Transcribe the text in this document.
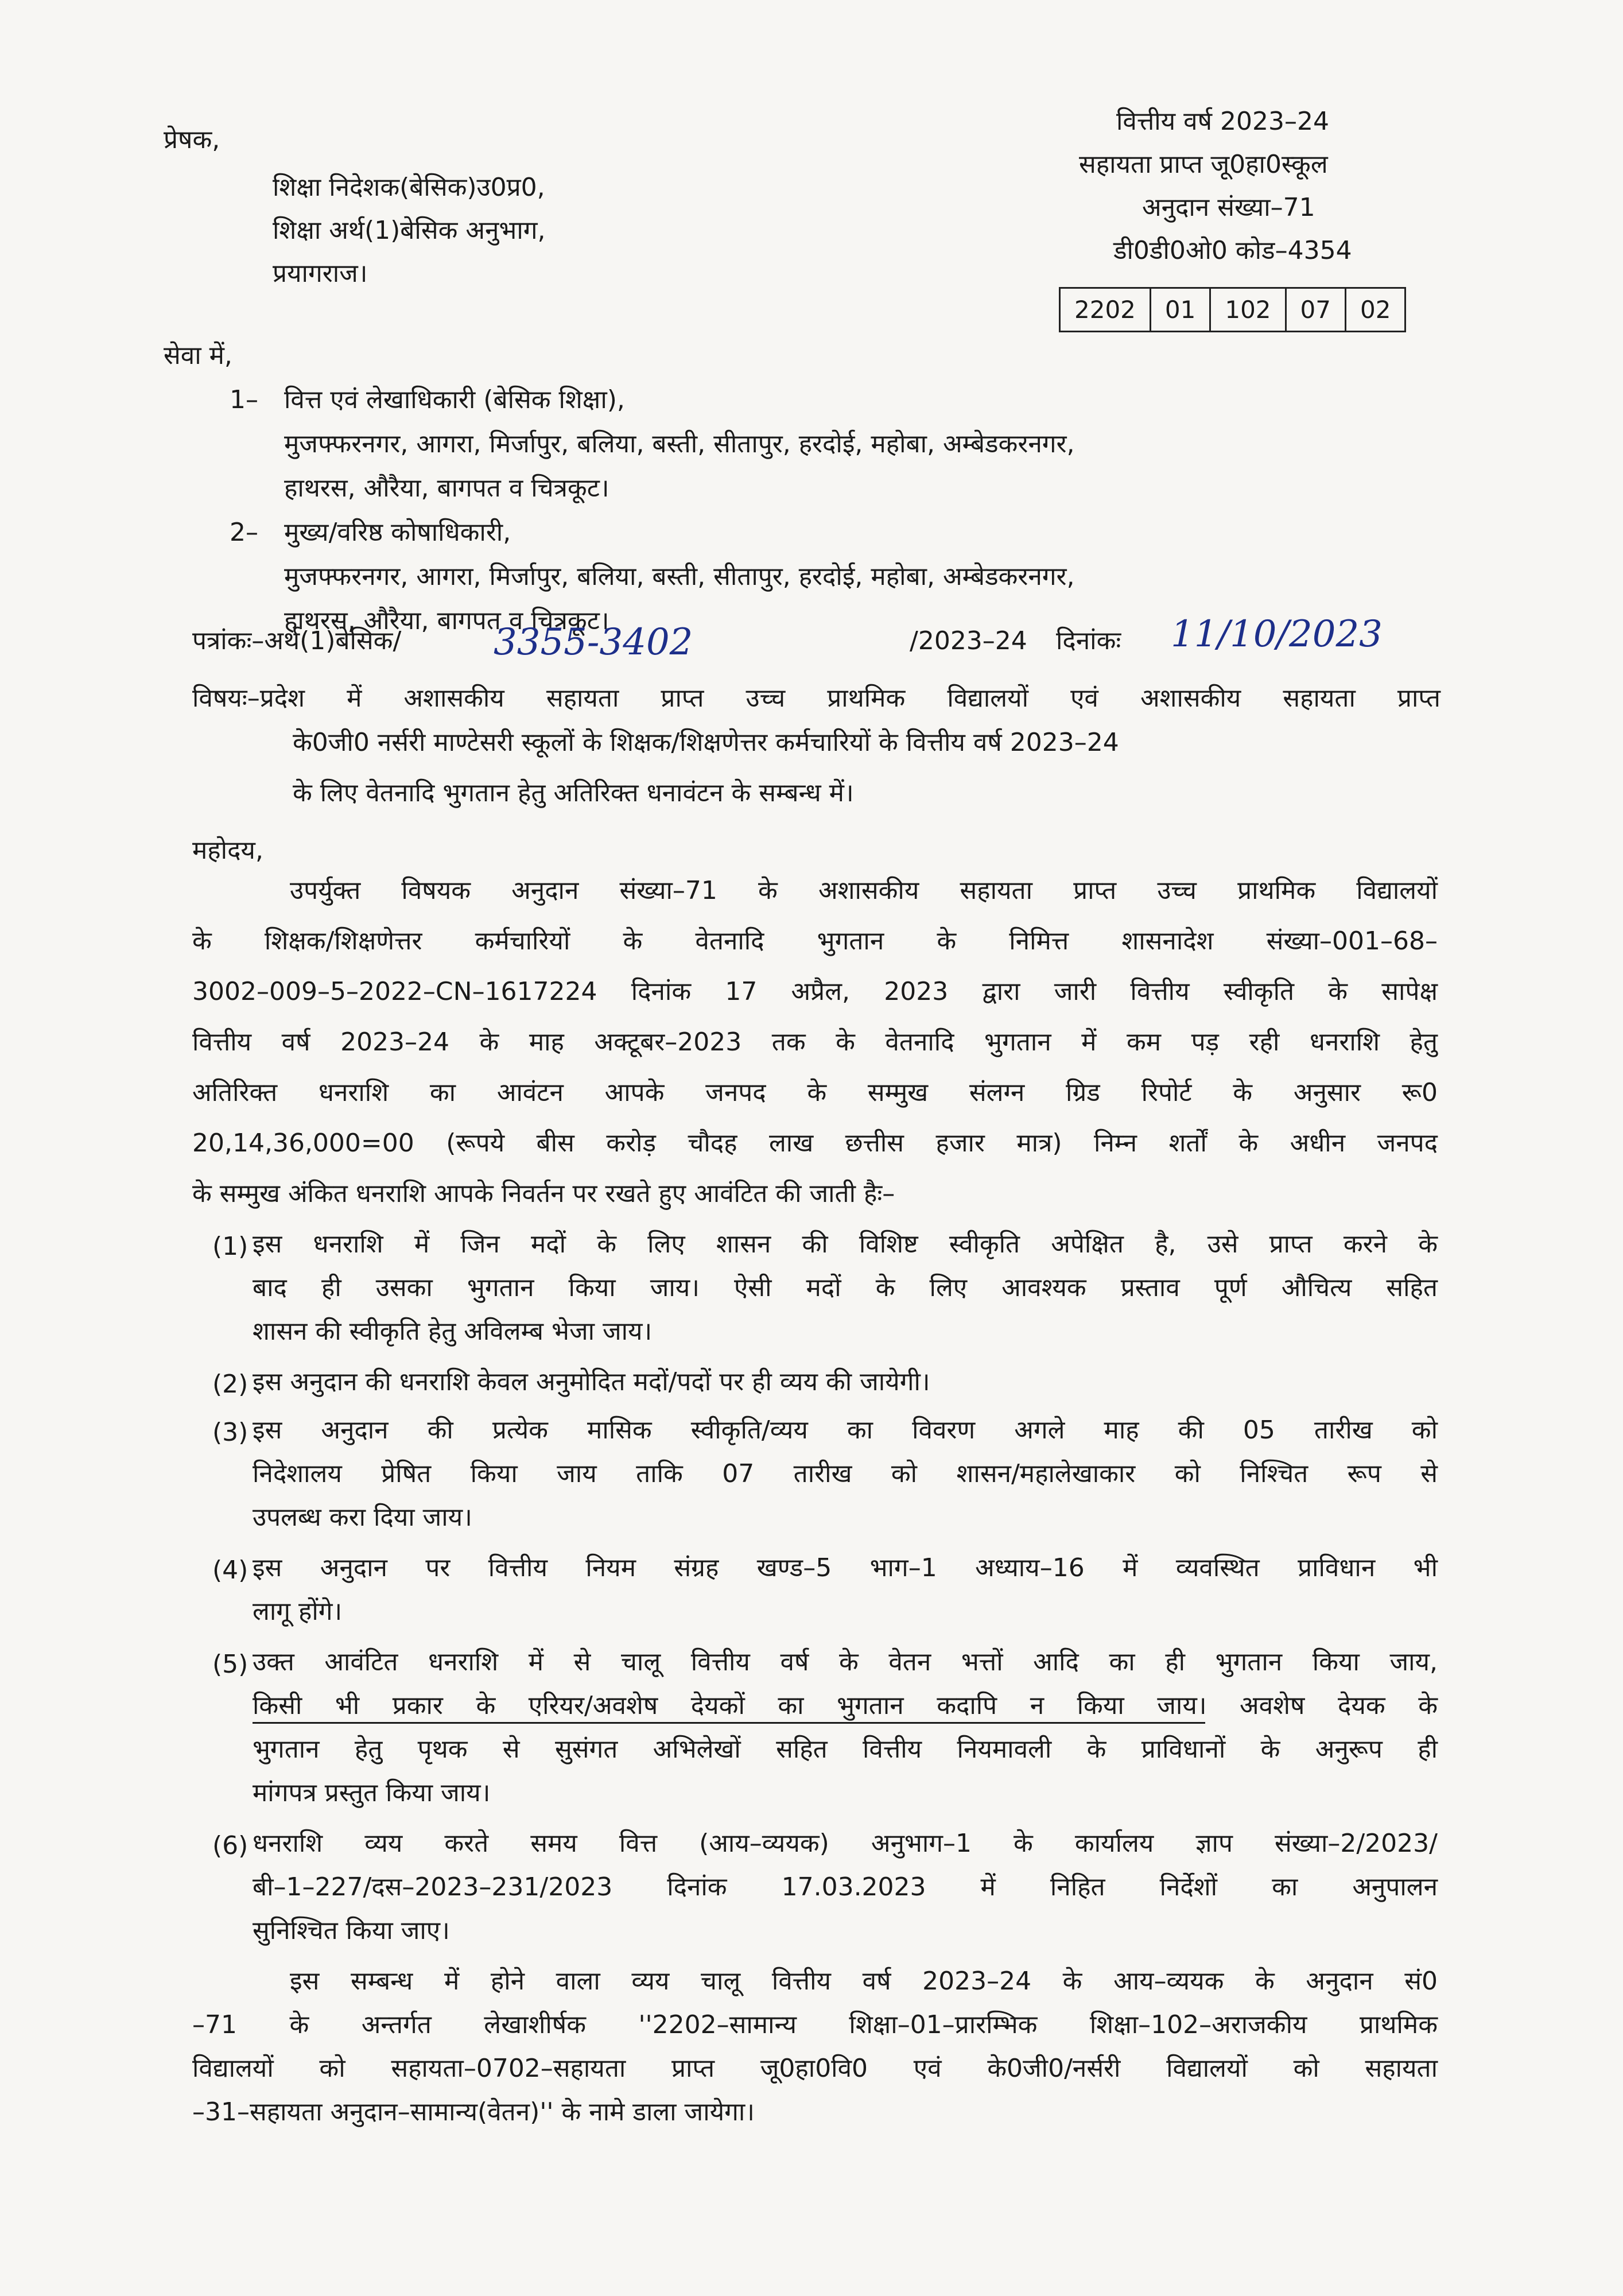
प्रेषक,
शिक्षा निदेशक(बेसिक)उ0प्र0,
शिक्षा अर्थ(1)बेसिक अनुभाग,
प्रयागराज।
वित्तीय वर्ष 2023–24
सहायता प्राप्त जू0हा0स्कूल
अनुदान संख्या–71
डी0डी0ओ0 कोड–4354
2202	01	102	07	02
सेवा में,
1– वित्त एवं लेखाधिकारी (बेसिक शिक्षा),
मुजफ्फरनगर, आगरा, मिर्जापुर, बलिया, बस्ती, सीतापुर, हरदोई, महोबा, अम्बेडकरनगर,
हाथरस, औरैया, बागपत व चित्रकूट।
2– मुख्य/वरिष्ठ कोषाधिकारी,
मुजफ्फरनगर, आगरा, मिर्जापुर, बलिया, बस्ती, सीतापुर, हरदोई, महोबा, अम्बेडकरनगर,
हाथरस, औरैया, बागपत व चित्रकूट।
पत्रांकः–अर्थ(1)बेसिक/	3355-3402	/2023–24 दिनांकः 11/10/2023
विषयः–प्रदेश में अशासकीय सहायता प्राप्त उच्च प्राथमिक विद्यालयों एवं अशासकीय सहायता प्राप्त
के0जी0 नर्सरी माण्टेसरी स्कूलों के शिक्षक/शिक्षणेत्तर कर्मचारियों के वित्तीय वर्ष 2023–24
के लिए वेतनादि भुगतान हेतु अतिरिक्त धनावंटन के सम्बन्ध में।
महोदय,
उपर्युक्त विषयक अनुदान संख्या–71 के अशासकीय सहायता प्राप्त उच्च प्राथमिक विद्यालयों
के शिक्षक/शिक्षणेत्तर कर्मचारियों के वेतनादि भुगतान के निमित्त शासनादेश संख्या–001–68–
3002–009–5–2022–CN–1617224 दिनांक 17 अप्रैल, 2023 द्वारा जारी वित्तीय स्वीकृति के सापेक्ष
वित्तीय वर्ष 2023–24 के माह अक्टूबर–2023 तक के वेतनादि भुगतान में कम पड़ रही धनराशि हेतु
अतिरिक्त धनराशि का आवंटन आपके जनपद के सम्मुख संलग्न ग्रिड रिपोर्ट के अनुसार रू0
20,14,36,000=00 (रूपये बीस करोड़ चौदह लाख छत्तीस हजार मात्र) निम्न शर्तों के अधीन जनपद
के सम्मुख अंकित धनराशि आपके निवर्तन पर रखते हुए आवंटित की जाती हैः–
(1) इस धनराशि में जिन मदों के लिए शासन की विशिष्ट स्वीकृति अपेक्षित है, उसे प्राप्त करने के
बाद ही उसका भुगतान किया जाय। ऐसी मदों के लिए आवश्यक प्रस्ताव पूर्ण औचित्य सहित
शासन की स्वीकृति हेतु अविलम्ब भेजा जाय।
(2) इस अनुदान की धनराशि केवल अनुमोदित मदों/पदों पर ही व्यय की जायेगी।
(3) इस अनुदान की प्रत्येक मासिक स्वीकृति/व्यय का विवरण अगले माह की 05 तारीख को
निदेशालय प्रेषित किया जाय ताकि 07 तारीख को शासन/महालेखाकार को निश्चित रूप से
उपलब्ध करा दिया जाय।
(4) इस अनुदान पर वित्तीय नियम संग्रह खण्ड–5 भाग–1 अध्याय–16 में व्यवस्थित प्राविधान भी
लागू होंगे।
(5) उक्त आवंटित धनराशि में से चालू वित्तीय वर्ष के वेतन भत्तों आदि का ही भुगतान किया जाय,
किसी भी प्रकार के एरियर/अवशेष देयकों का भुगतान कदापि न किया जाय। अवशेष देयक के
भुगतान हेतु पृथक से सुसंगत अभिलेखों सहित वित्तीय नियमावली के प्राविधानों के अनुरूप ही
मांगपत्र प्रस्तुत किया जाय।
(6) धनराशि व्यय करते समय वित्त (आय–व्ययक) अनुभाग–1 के कार्यालय ज्ञाप संख्या–2/2023/
बी–1–227/दस–2023–231/2023 दिनांक 17.03.2023 में निहित निर्देशों का अनुपालन
सुनिश्चित किया जाए।
इस सम्बन्ध में होने वाला व्यय चालू वित्तीय वर्ष 2023–24 के आय–व्ययक के अनुदान सं0
–71 के अन्तर्गत लेखाशीर्षक ''2202–सामान्य शिक्षा–01–प्रारम्भिक शिक्षा–102–अराजकीय प्राथमिक
विद्यालयों को सहायता–0702–सहायता प्राप्त जू0हा0वि0 एवं के0जी0/नर्सरी विद्यालयों को सहायता
–31–सहायता अनुदान–सामान्य(वेतन)'' के नामे डाला जायेगा।
